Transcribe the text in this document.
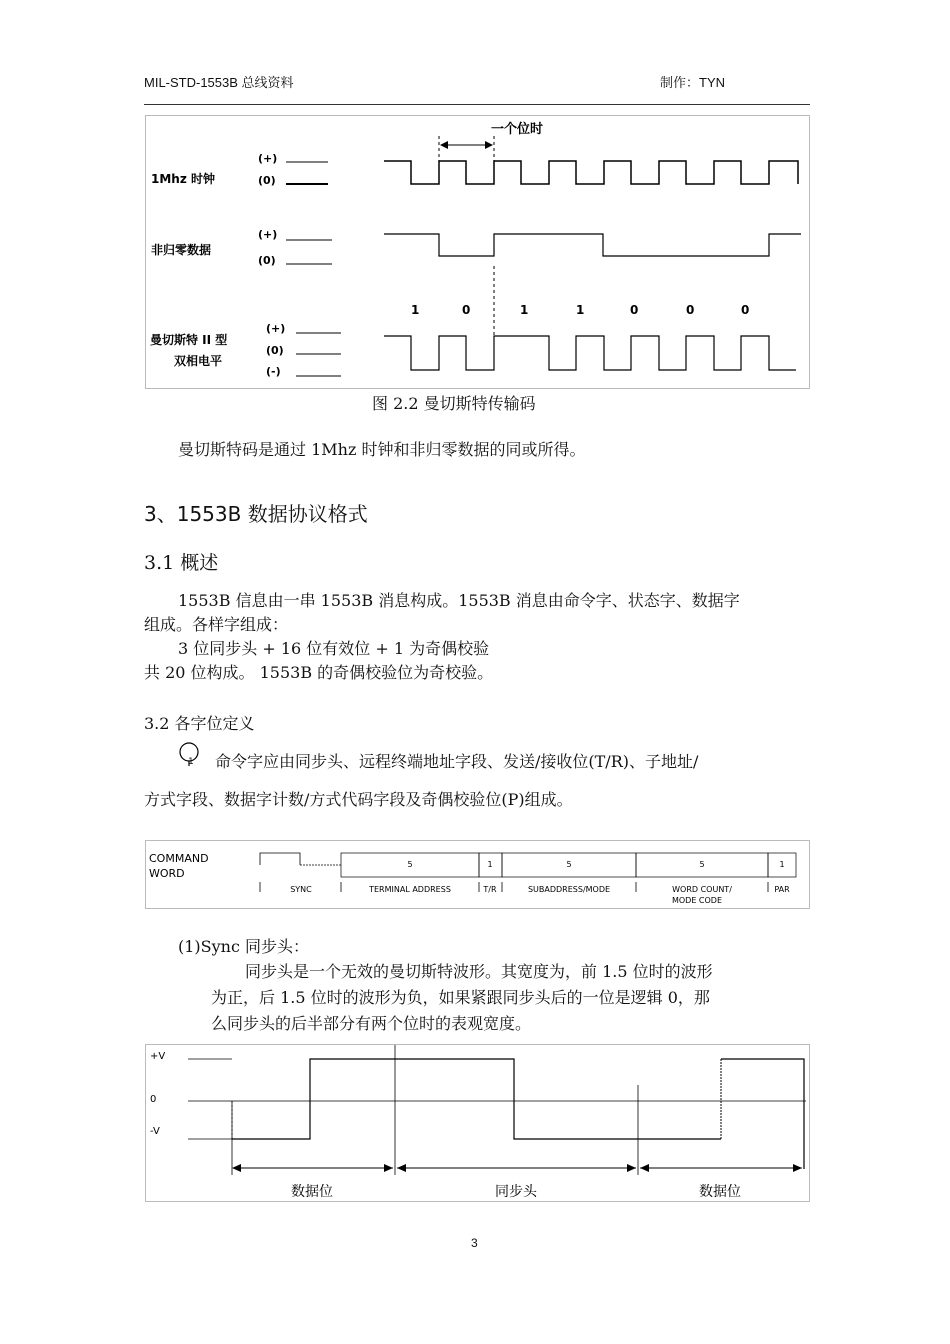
MIL-STD-1553B 总线资料	制作：TYN
一个位时
1Mhz 时钟
(+)
(0)
非归零数据
(+)
(0)
1	0	1	1	0	0	0
曼切斯特 II 型
双相电平
(+)
(0)
(-)
图 2.2 曼切斯特传输码
曼切斯特码是通过 1Mhz 时钟和非归零数据的同或所得。
3、1553B 数据协议格式
3.1 概述
1553B 信息由一串 1553B 消息构成。1553B 消息由命令字、状态字、数据字
组成。各样字组成：
3 位同步头 + 16 位有效位 + 1 为奇偶校验
共 20 位构成。 1553B 的奇偶校验位为奇校验。
3.2 各字位定义
1 命令字应由同步头、远程终端地址字段、发送/接收位(T/R)、子地址/
方式字段、数据字计数/方式代码字段及奇偶校验位(P)组成。
COMMAND
WORD
5	1	5	5	1
SYNC	TERMINAL ADDRESS	T/R	SUBADDRESS/MODE	WORD COUNT/
MODE CODE
PAR
(1)Sync 同步头：
同步头是一个无效的曼切斯特波形。其宽度为，前 1.5 位时的波形
为正，后 1.5 位时的波形为负，如果紧跟同步头后的一位是逻辑 0，那
么同步头的后半部分有两个位时的表观宽度。
+V
0
-V
数据位	同步头	数据位
3
